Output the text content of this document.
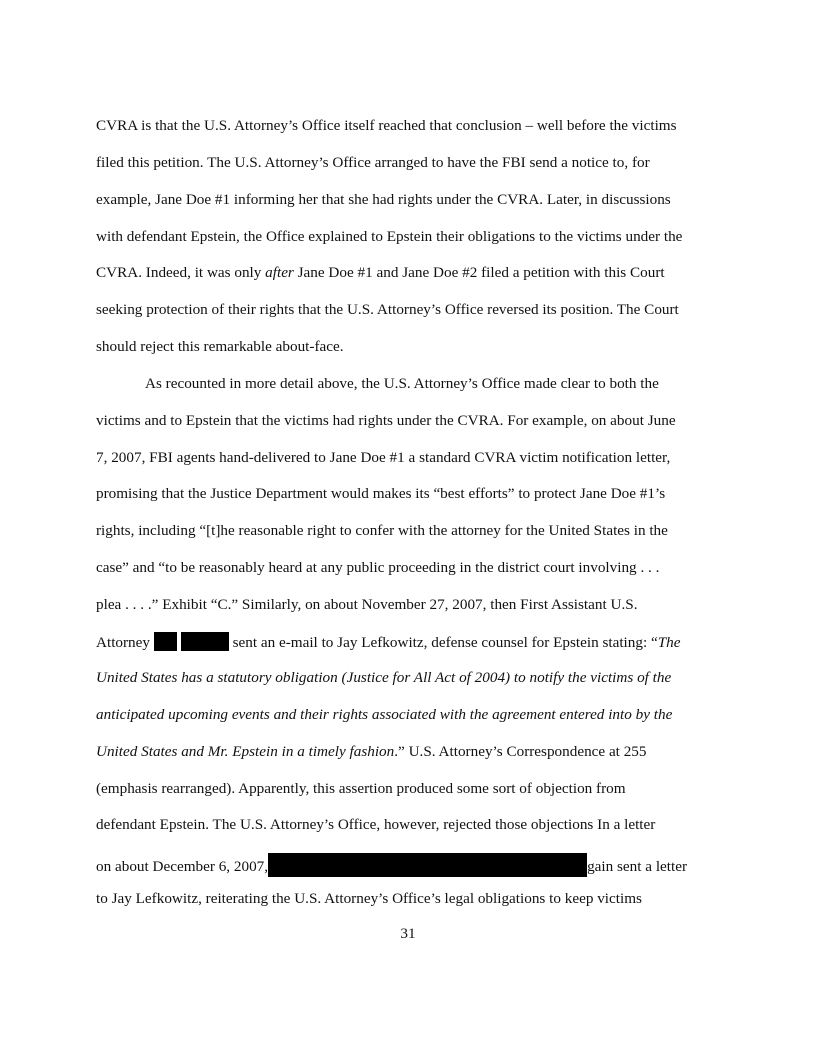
CVRA is that the U.S. Attorney’s Office itself reached that conclusion – well before the victims
filed this petition. The U.S. Attorney’s Office arranged to have the FBI send a notice to, for
example, Jane Doe #1 informing her that she had rights under the CVRA. Later, in discussions
with defendant Epstein, the Office explained to Epstein their obligations to the victims under the
CVRA. Indeed, it was only after Jane Doe #1 and Jane Doe #2 filed a petition with this Court
seeking protection of their rights that the U.S. Attorney’s Office reversed its position. The Court
should reject this remarkable about-face.
As recounted in more detail above, the U.S. Attorney’s Office made clear to both the
victims and to Epstein that the victims had rights under the CVRA. For example, on about June
7, 2007, FBI agents hand-delivered to Jane Doe #1 a standard CVRA victim notification letter,
promising that the Justice Department would makes its “best efforts” to protect Jane Doe #1’s
rights, including “[t]he reasonable right to confer with the attorney for the United States in the
case” and “to be reasonably heard at any public proceeding in the district court involving . . .
plea . . . .” Exhibit “C.” Similarly, on about November 27, 2007, then First Assistant U.S.
Attorney	sent an e-mail to Jay Lefkowitz, defense counsel for Epstein stating: “The
United States has a statutory obligation (Justice for All Act of 2004) to notify the victims of the
anticipated upcoming events and their rights associated with the agreement entered into by the
United States and Mr. Epstein in a timely fashion.” U.S. Attorney’s Correspondence at 255
(emphasis rearranged). Apparently, this assertion produced some sort of objection from
defendant Epstein. The U.S. Attorney’s Office, however, rejected those objections In a letter
on about December 6, 2007,	gain sent a letter
to Jay Lefkowitz, reiterating the U.S. Attorney’s Office’s legal obligations to keep victims
31
